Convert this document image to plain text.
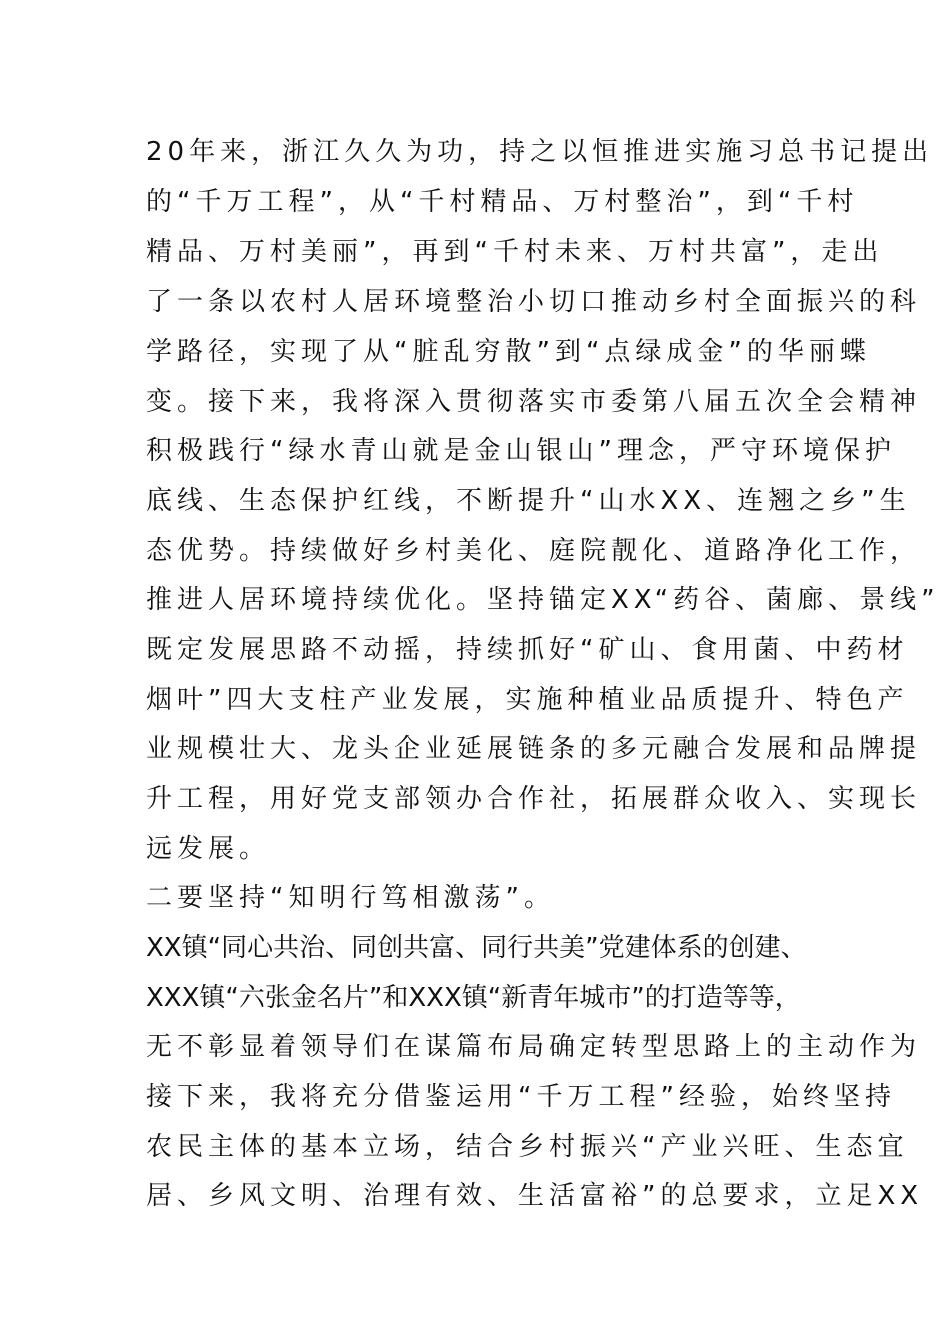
20年来，浙江久久为功，持之以恒推进实施习总书记提出
的“千万工程”，从“千村精品、万村整治”，到“千村
精品、万村美丽”，再到“千村未来、万村共富”，走出
了一条以农村人居环境整治小切口推动乡村全面振兴的科
学路径，实现了从“脏乱穷散”到“点绿成金”的华丽蝶
变。接下来，我将深入贯彻落实市委第八届五次全会精神
积极践行“绿水青山就是金山银山”理念，严守环境保护
底线、生态保护红线，不断提升“山水XX、连翘之乡”生
态优势。持续做好乡村美化、庭院靓化、道路净化工作，
推进人居环境持续优化。坚持锚定XX“药谷、菌廊、景线”
既定发展思路不动摇，持续抓好“矿山、食用菌、中药材
烟叶”四大支柱产业发展，实施种植业品质提升、特色产
业规模壮大、龙头企业延展链条的多元融合发展和品牌提
升工程，用好党支部领办合作社，拓展群众收入、实现长
远发展。
二要坚持“知明行笃相激荡”。
XX镇“同心共治、同创共富、同行共美”党建体系的创建、
XXX镇“六张金名片”和XXX镇“新青年城市”的打造等等，
无不彰显着领导们在谋篇布局确定转型思路上的主动作为
接下来，我将充分借鉴运用“千万工程”经验，始终坚持
农民主体的基本立场，结合乡村振兴“产业兴旺、生态宜
居、乡风文明、治理有效、生活富裕”的总要求，立足XX
